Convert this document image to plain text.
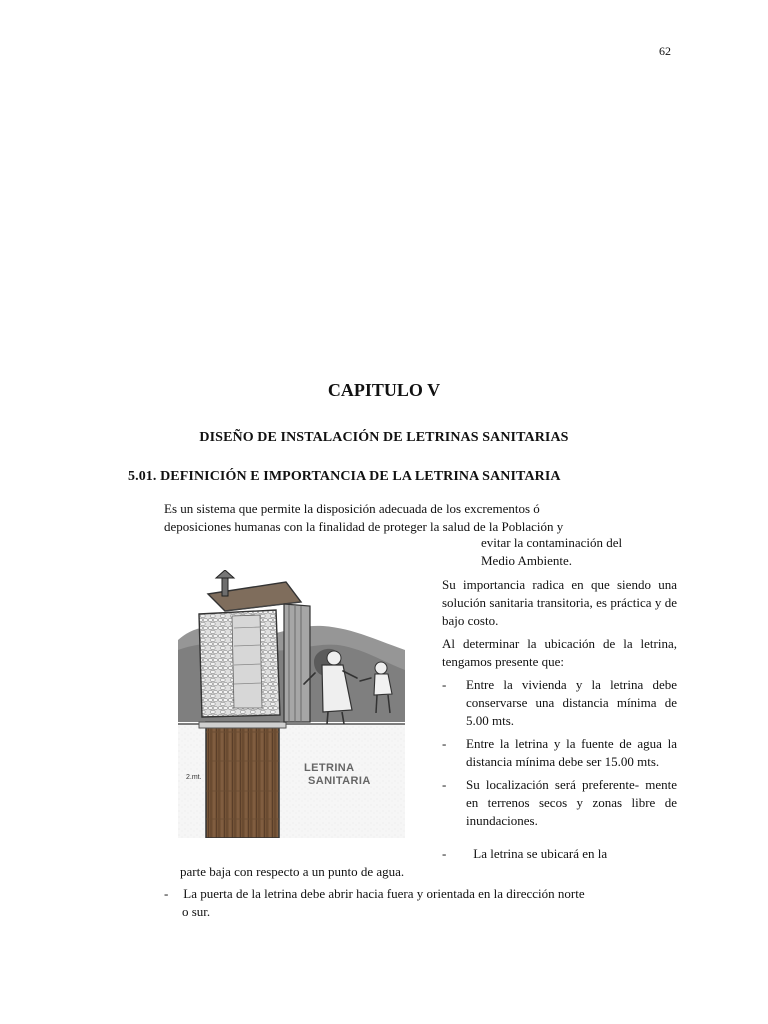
62
CAPITULO V
DISEÑO DE INSTALACIÓN DE LETRINAS SANITARIAS
5.01. DEFINICIÓN E IMPORTANCIA DE LA LETRINA SANITARIA
Es un sistema que permite la disposición adecuada de los excrementos ó
deposiciones humanas con la finalidad de proteger la salud de la Población y
evitar la contaminación del
Medio Ambiente.
LETRINA
SANITARIA
2.mt.

Su importancia radica en que siendo una solución sanitaria transitoria, es práctica y de bajo costo.

Al determinar la ubicación de la letrina, tengamos presente que:

-	Entre la vivienda y la letrina debe conservarse una distancia mínima de 5.00 mts.
-	Entre la letrina y la fuente de agua la distancia mínima debe ser 15.00 mts.
-	Su localización será preferente- mente en terrenos secos y zonas libre de inundaciones.
- La letrina se ubicará en la
parte baja con respecto a un punto de agua.
- La puerta de la letrina debe abrir hacia fuera y orientada en la dirección norte
o sur.
